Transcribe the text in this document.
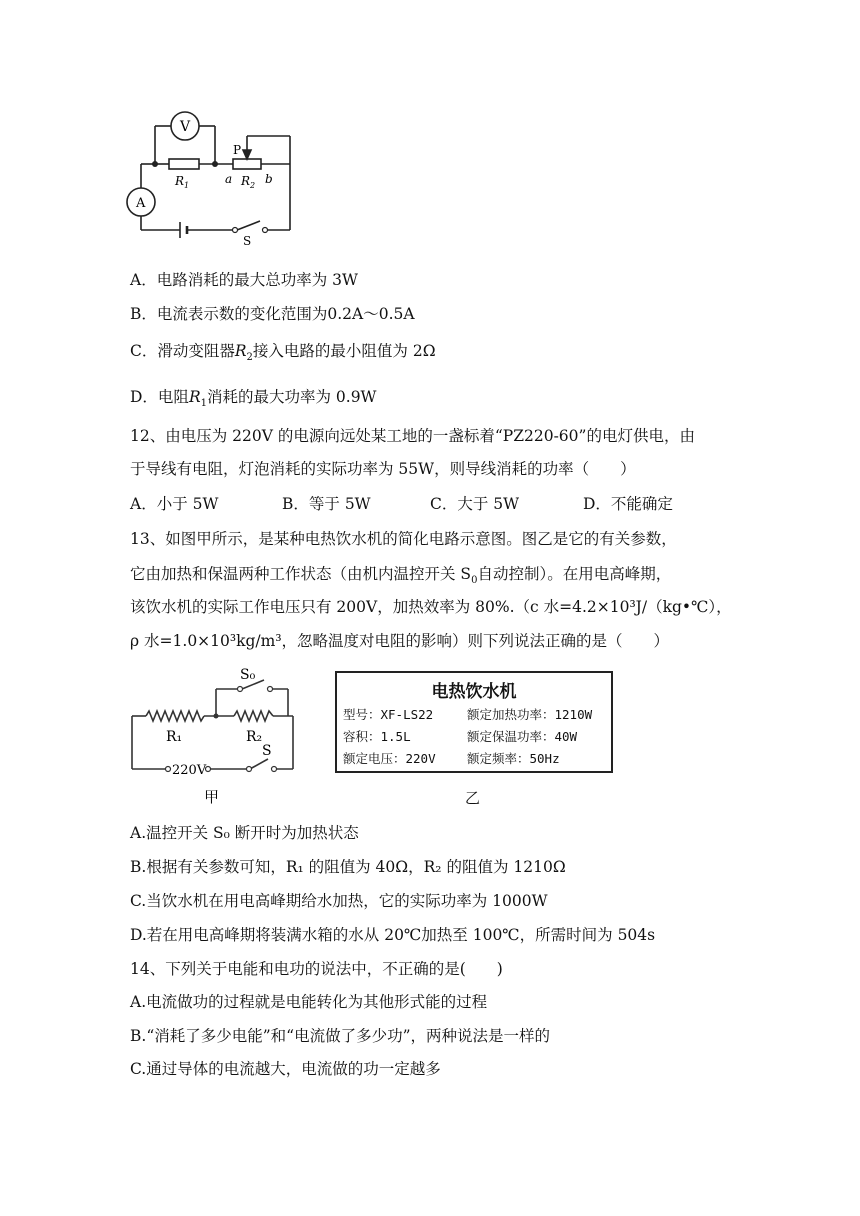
V
A
P
$R_1$	$R_2$
a	b
S
A．电路消耗的最大总功率为 3W
B．电流表示数的变化范围为0.2A～0.5A
C．滑动变阻器$R_2$接入电路的最小阻值为 2Ω
D．电阻$R_1$消耗的最大功率为 0.9W
12、由电压为 220V 的电源向远处某工地的一盏标着“PZ220-60”的电灯供电，由
于导线有电阻，灯泡消耗的实际功率为 55W，则导线消耗的功率（　　）
A．小于 5W	B．等于 5W	C．大于 5W	D．不能确定
13、如图甲所示，是某种电热饮水机的简化电路示意图。图乙是它的有关参数，
它由加热和保温两种工作状态（由机内温控开关 $S_0$自动控制）。在用电高峰期，
该饮水机的实际工作电压只有 200V，加热效率为 80%.（c 水=4.2×10³J/（kg•℃），
ρ 水=1.0×10³kg/m³，忽略温度对电阻的影响）则下列说法正确的是（　　）
S₀
R₁	R₂
S
220V
甲
电热饮水机
型号：XF-LS22	额定加热功率：1210W
容积：1.5L	额定保温功率：40W
额定电压：220V	额定频率：50Hz
乙
A.温控开关 S₀ 断开时为加热状态
B.根据有关参数可知，R₁ 的阻值为 40Ω，R₂ 的阻值为 1210Ω
C.当饮水机在用电高峰期给水加热，它的实际功率为 1000W
D.若在用电高峰期将装满水箱的水从 20℃加热至 100℃，所需时间为 504s
14、下列关于电能和电功的说法中，不正确的是(　　)
A.电流做功的过程就是电能转化为其他形式能的过程
B.“消耗了多少电能”和“电流做了多少功”，两种说法是一样的
C.通过导体的电流越大，电流做的功一定越多
